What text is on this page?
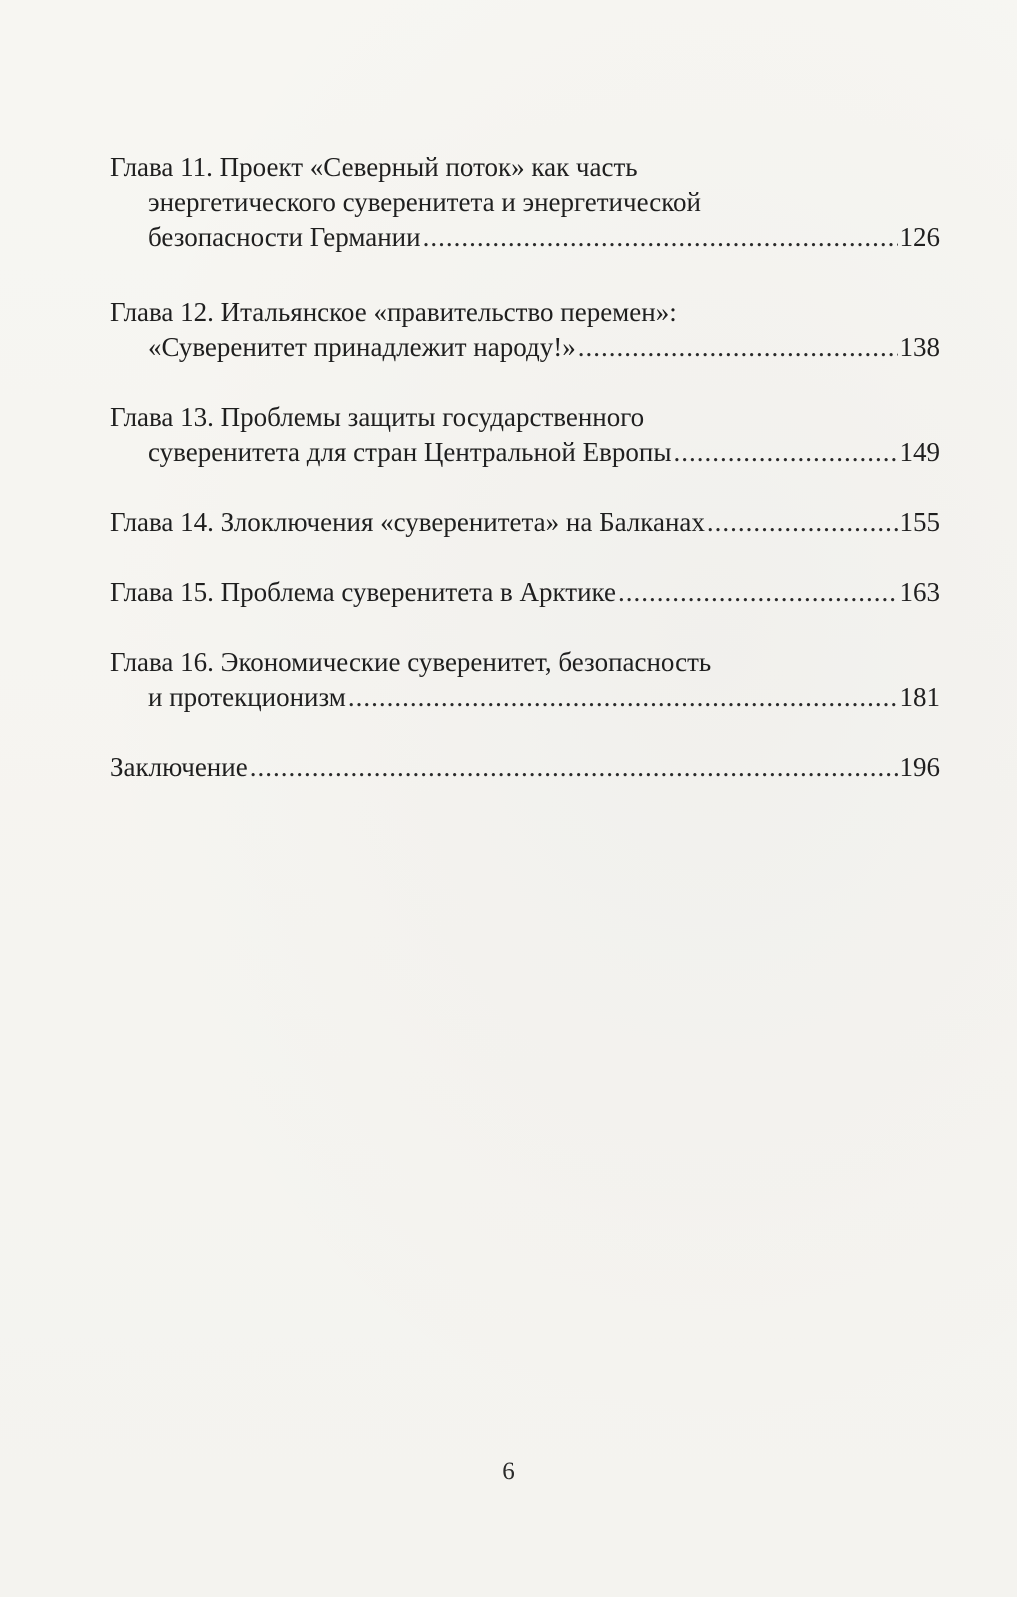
Глава 11. Проект «Северный поток» как часть
энергетического суверенитета и энергетической
безопасности Германии .....	126
Глава 12. Итальянское «правительство перемен»:
«Суверенитет принадлежит народу!» .....	138
Глава 13. Проблемы защиты государственного
суверенитета для стран Центральной Европы .....	149
Глава 14. Злоключения «суверенитета» на Балканах .....	155
Глава 15. Проблема суверенитета в Арктике .....	163
Глава 16. Экономические суверенитет, безопасность
и протекционизм .....	181
Заключение .....	196
6
